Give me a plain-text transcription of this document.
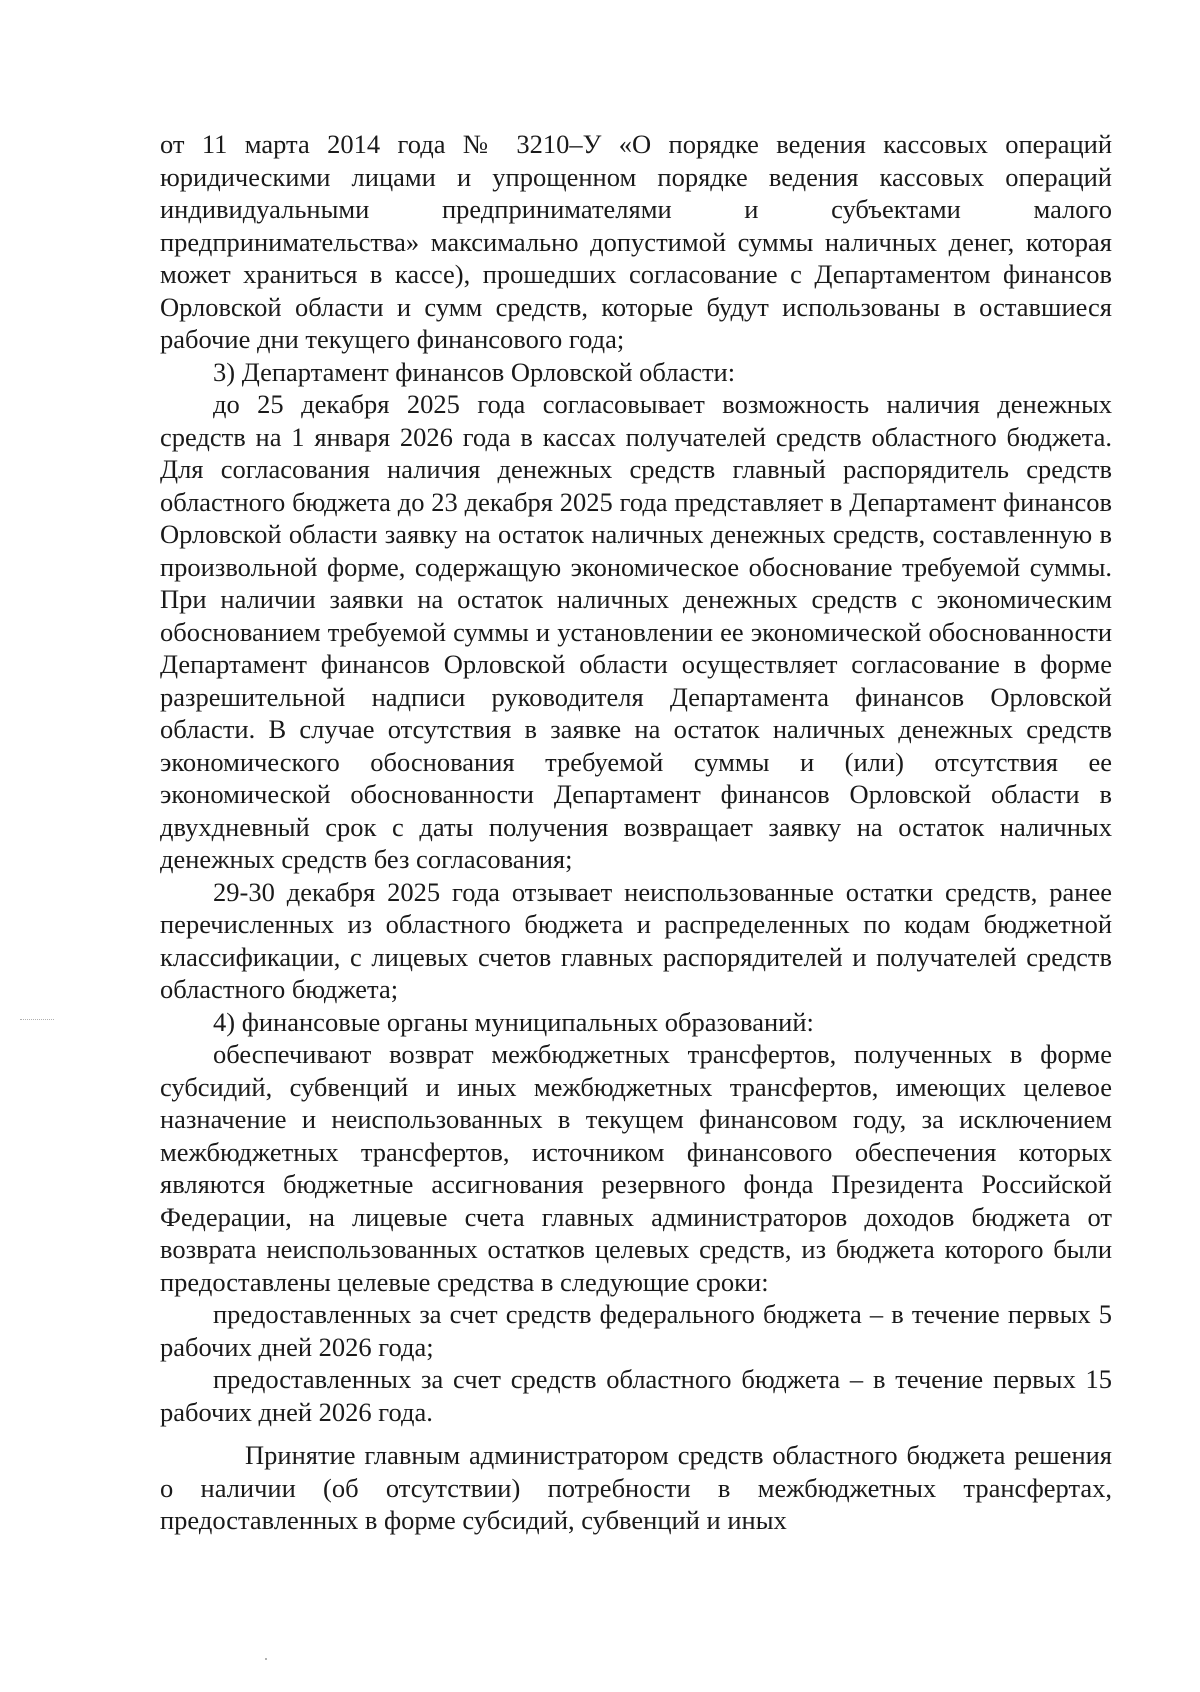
от 11 марта 2014 года № 3210–У «О порядке ведения кассовых операций юридическими лицами и упрощенном порядке ведения кассовых операций индивидуальными предпринимателями и субъектами малого предпринимательства» максимально допустимой суммы наличных денег, которая может храниться в кассе), прошедших согласование с Департаментом финансов Орловской области и сумм средств, которые будут использованы в оставшиеся рабочие дни текущего финансового года;

3) Департамент финансов Орловской области:

до 25 декабря 2025 года согласовывает возможность наличия денежных средств на 1 января 2026 года в кассах получателей средств областного бюджета. Для согласования наличия денежных средств главный распорядитель средств областного бюджета до 23 декабря 2025 года представляет в Департамент финансов Орловской области заявку на остаток наличных денежных средств, составленную в произвольной форме, содержащую экономическое обоснование требуемой суммы. При наличии заявки на остаток наличных денежных средств с экономическим обоснованием требуемой суммы и установлении ее экономической обоснованности Департамент финансов Орловской области осуществляет согласование в форме разрешительной надписи руководителя Департамента финансов Орловской области. В случае отсутствия в заявке на остаток наличных денежных средств экономического обоснования требуемой суммы и (или) отсутствия ее экономической обоснованности Департамент финансов Орловской области в двухдневный срок с даты получения возвращает заявку на остаток наличных денежных средств без согласования;

29-30 декабря 2025 года отзывает неиспользованные остатки средств, ранее перечисленных из областного бюджета и распределенных по кодам бюджетной классификации, с лицевых счетов главных распорядителей и получателей средств областного бюджета;

4) финансовые органы муниципальных образований:

обеспечивают возврат межбюджетных трансфертов, полученных в форме субсидий, субвенций и иных межбюджетных трансфертов, имеющих целевое назначение и неиспользованных в текущем финансовом году, за исключением межбюджетных трансфертов, источником финансового обеспечения которых являются бюджетные ассигнования резервного фонда Президента Российской Федерации, на лицевые счета главных администраторов доходов бюджета от возврата неиспользованных остатков целевых средств, из бюджета которого были предоставлены целевые средства в следующие сроки:

предоставленных за счет средств федерального бюджета – в течение первых 5 рабочих дней 2026 года;

предоставленных за счет средств областного бюджета – в течение первых 15 рабочих дней 2026 года.

Принятие главным администратором средств областного бюджета решения о наличии (об отсутствии) потребности в межбюджетных трансфертах, предоставленных в форме субсидий, субвенций и иных
